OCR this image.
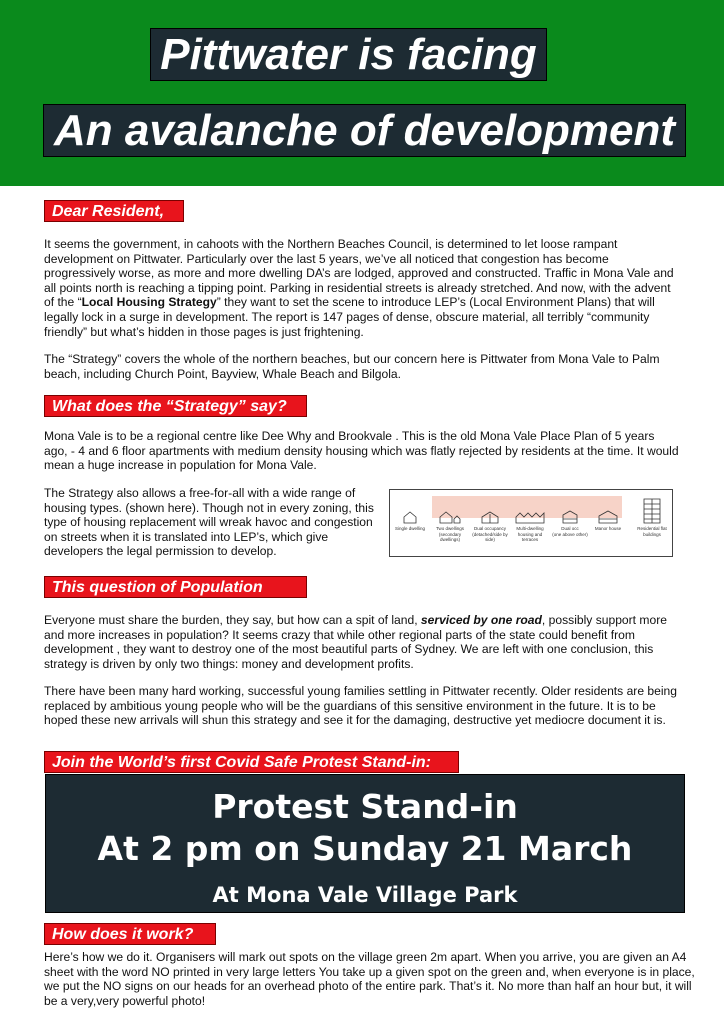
Pittwater is facing
An avalanche of development
Dear Resident,
It seems the government, in cahoots with the Northern Beaches Council, is determined to let loose rampant development on Pittwater. Particularly over the last 5 years, we’ve all noticed that congestion has become progressively worse, as more and more dwelling DA’s are lodged, approved and constructed. Traffic in Mona Vale and all points north is reaching a tipping point. Parking in residential streets is already stretched. And now, with the advent of the “Local Housing Strategy” they want to set the scene to introduce LEP’s (Local Environment Plans) that will legally lock in a surge in development. The report is 147 pages of dense, obscure material, all terribly “community friendly” but what’s hidden in those pages is just frightening.
The “Strategy” covers the whole of the northern beaches, but our concern here is Pittwater from Mona Vale to Palm beach, including Church Point, Bayview, Whale Beach and Bilgola.
What does the “Strategy” say?
Mona Vale is to be a regional centre like Dee Why and Brookvale . This is the old Mona Vale Place Plan of 5 years ago, - 4 and 6 floor apartments with medium density housing which was flatly rejected by residents at the time. It would mean a huge increase in population for Mona Vale.
The Strategy also allows a free-for-all with a wide range of housing types. (shown here). Though not in every zoning, this type of housing replacement will wreak havoc and congestion on streets when it is translated into LEP’s, which give developers the legal permission to develop.
Single dwelling	Two dwellings
(secondary dwellings)
Dual occupancy
(detached/side by side)
Multi-dwelling housing and terraces

Dual occ
(one above other)
Manor house	Residential flat buildings
This question of Population
Everyone must share the burden, they say, but how can a spit of land, serviced by one road, possibly support more and more increases in population? It seems crazy that while other regional parts of the state could benefit from development , they want to destroy one of the most beautiful parts of Sydney. We are left with one conclusion, this strategy is driven by only two things: money and development profits.
There have been many hard working, successful young families settling in Pittwater recently. Older residents are being replaced by ambitious young people who will be the guardians of this sensitive environment in the future. It is to be hoped these new arrivals will shun this strategy and see it for the damaging, destructive yet mediocre document it is.
Join the World’s first Covid Safe Protest Stand-in:
Protest Stand-in
At 2 pm on Sunday 21 March
At Mona Vale Village Park
How does it work?
Here’s how we do it. Organisers will mark out spots on the village green 2m apart. When you arrive, you are given an A4 sheet with the word NO printed in very large letters You take up a given spot on the green and, when everyone is in place, we put the NO signs on our heads for an overhead photo of the entire park. That’s it. No more than half an hour but, it will be a very,very powerful photo!
